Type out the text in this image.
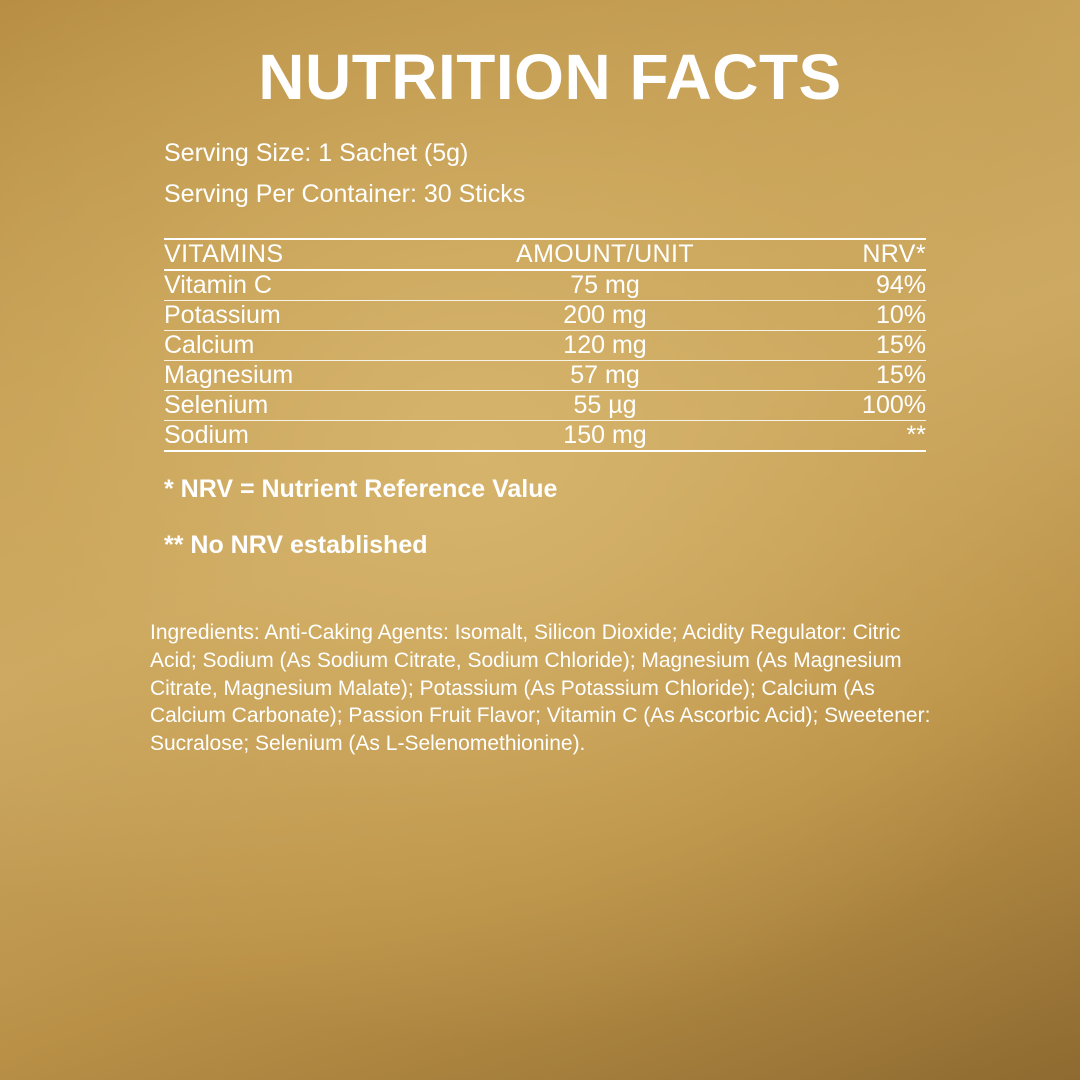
NUTRITION FACTS

Serving Size: 1 Sachet (5g)

Serving Per Container: 30 Sticks

VITAMINS	AMOUNT/UNIT	NRV*
Vitamin C	75 mg	94%
Potassium	200 mg	10%
Calcium	120 mg	15%
Magnesium	57 mg	15%
Selenium	55 µg	100%
Sodium	150 mg	**

* NRV = Nutrient Reference Value

** No NRV established

Ingredients: Anti-Caking Agents: Isomalt, Silicon Dioxide; Acidity Regulator: Citric Acid; Sodium (As Sodium Citrate, Sodium Chloride); Magnesium (As Magnesium Citrate, Magnesium Malate); Potassium (As Potassium Chloride); Calcium (As Calcium Carbonate); Passion Fruit Flavor; Vitamin C (As Ascorbic Acid); Sweetener: Sucralose; Selenium (As L-Selenomethionine).
